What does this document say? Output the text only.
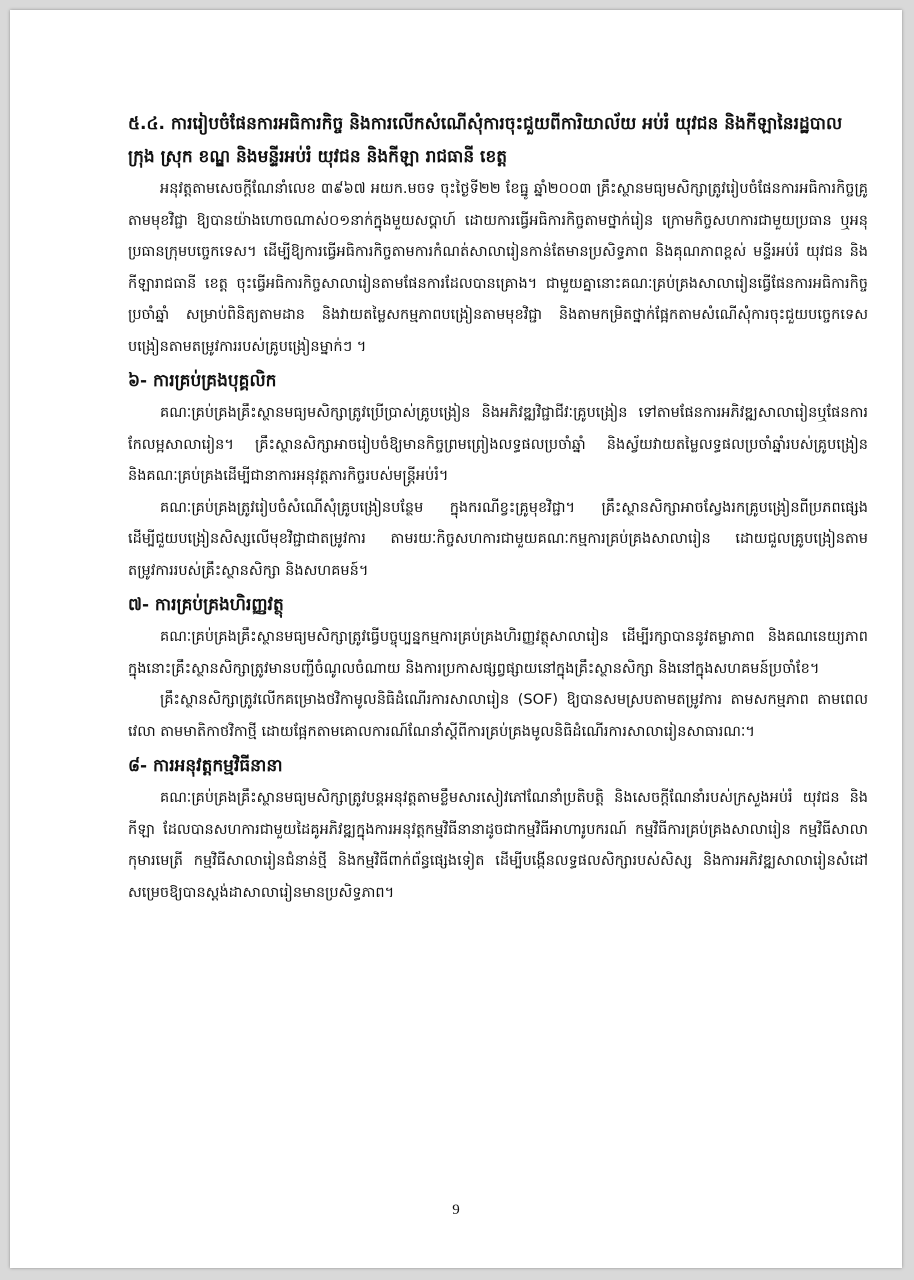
៥.៤. ការរៀបចំផែនការអធិការកិច្ច និងការលើកសំណើសុំការចុះជួយពីការិយាល័យ អប់រំ យុវជន និងកីឡានៃរដ្ឋបាលក្រុង ស្រុក ខណ្ឌ និងមន្ទីរអប់រំ យុវជន និងកីឡា រាជធានី ខេត្ត

អនុវត្តតាមសេចក្តីណែនាំលេខ ៣៩៦៧ អយក.មចទ ចុះថ្ងៃទី២២ ខែធ្នូ ឆ្នាំ២០០៣ គ្រឹះស្ថានមធ្យមសិក្សាត្រូវរៀបចំផែនការអធិការកិច្ចគ្រូតាមមុខវិជ្ជា ឱ្យបានយ៉ាងហោចណាស់០១នាក់ក្នុងមួយសប្តាហ៍ ដោយការធ្វើអធិការកិច្ចតាមថ្នាក់រៀន ក្រោមកិច្ចសហការជាមួយប្រធាន ឬអនុប្រធានក្រុមបច្ចេកទេស។ ដើម្បីឱ្យការធ្វើអធិការកិច្ចតាមការកំណត់សាលារៀនកាន់តែមានប្រសិទ្ធភាព និងគុណភាពខ្ពស់ មន្ទីរអប់រំ យុវជន និងកីឡារាជធានី ខេត្ត ចុះធ្វើអធិការកិច្ចសាលារៀនតាមផែនការដែលបានគ្រោង។ ជាមួយគ្នានោះគណៈគ្រប់គ្រងសាលារៀនធ្វើផែនការអធិការកិច្ចប្រចាំឆ្នាំ សម្រាប់ពិនិត្យតាមដាន និងវាយតម្លៃសកម្មភាពបង្រៀនតាមមុខវិជ្ជា និងតាមកម្រិតថ្នាក់ផ្អែកតាមសំណើសុំការចុះជួយបច្ចេកទេសបង្រៀនតាមតម្រូវការរបស់គ្រូបង្រៀនម្នាក់ៗ ។

៦- ការគ្រប់គ្រងបុគ្គលិក

គណៈគ្រប់គ្រងគ្រឹះស្ថានមធ្យមសិក្សាត្រូវប្រើប្រាស់គ្រូបង្រៀន និងអភិវឌ្ឍវិជ្ជាជីវៈគ្រូបង្រៀន ទៅតាមផែនការអភិវឌ្ឍសាលារៀនឬផែនការកែលម្អសាលារៀន។ គ្រឹះស្ថានសិក្សាអាចរៀបចំឱ្យមានកិច្ចព្រមព្រៀងលទ្ធផលប្រចាំឆ្នាំ និងស្វ័យវាយតម្លៃលទ្ធផលប្រចាំឆ្នាំរបស់គ្រូបង្រៀន និងគណៈគ្រប់គ្រងដើម្បីជានាការអនុវត្តភារកិច្ចរបស់មន្ត្រីអប់រំ។

គណៈគ្រប់គ្រងត្រូវរៀបចំសំណើសុំគ្រូបង្រៀនបន្ថែម ក្នុងករណីខ្វះគ្រូមុខវិជ្ជា។ គ្រឹះស្ថានសិក្សាអាចស្វែងរកគ្រូបង្រៀនពីប្រភពផ្សេង ដើម្បីជួយបង្រៀនសិស្សលើមុខវិជ្ជាជាតម្រូវការ តាមរយៈកិច្ចសហការជាមួយគណៈកម្មការគ្រប់គ្រងសាលារៀន ដោយជួលគ្រូបង្រៀនតាមតម្រូវការរបស់គ្រឹះស្ថានសិក្សា និងសហគមន៍។

៧- ការគ្រប់គ្រងហិរញ្ញវត្ថុ

គណៈគ្រប់គ្រងគ្រឹះស្ថានមធ្យមសិក្សាត្រូវធ្វើបច្ចុប្បន្នកម្មការគ្រប់គ្រងហិរញ្ញវត្ថុសាលារៀន ដើម្បីរក្សាបាននូវតម្លាភាព និងគណនេយ្យភាព ក្នុងនោះគ្រឹះស្ថានសិក្សាត្រូវមានបញ្ជីចំណូលចំណាយ និងការប្រកាសផ្សព្វផ្សាយនៅក្នុងគ្រឹះស្ថានសិក្សា និងនៅក្នុងសហគមន៍ប្រចាំខែ។

គ្រឹះស្ថានសិក្សាត្រូវលើកគម្រោងថវិកាមូលនិធិដំណើរការសាលារៀន (SOF) ឱ្យបានសមស្របតាមតម្រូវការ តាមសកម្មភាព តាមពេលវេលា តាមមាតិកាថវិកាថ្មី ដោយផ្អែកតាមគោលការណ៍ណែនាំស្តីពីការគ្រប់គ្រងមូលនិធិដំណើរការសាលារៀនសាធារណៈ។

៨- ការអនុវត្តកម្មវិធីនានា

គណៈគ្រប់គ្រងគ្រឹះស្ថានមធ្យមសិក្សាត្រូវបន្តអនុវត្តតាមខ្លឹមសារសៀវភៅណែនាំប្រតិបត្តិ និងសេចក្តីណែនាំរបស់ក្រសួងអប់រំ យុវជន និងកីឡា ដែលបានសហការជាមួយដៃគូអភិវឌ្ឍក្នុងការអនុវត្តកម្មវិធីនានាដូចជាកម្មវិធីអាហារូបករណ៍ កម្មវិធីការគ្រប់គ្រងសាលារៀន កម្មវិធីសាលាកុមារមេត្រី កម្មវិធីសាលារៀនជំនាន់ថ្មី និងកម្មវិធីពាក់ព័ន្ធផ្សេងទៀត ដើម្បីបង្កើនលទ្ធផលសិក្សារបស់សិស្ស និងការអភិវឌ្ឍសាលារៀនសំដៅសម្រេចឱ្យបានស្តង់ដាសាលារៀនមានប្រសិទ្ធភាព។

9
